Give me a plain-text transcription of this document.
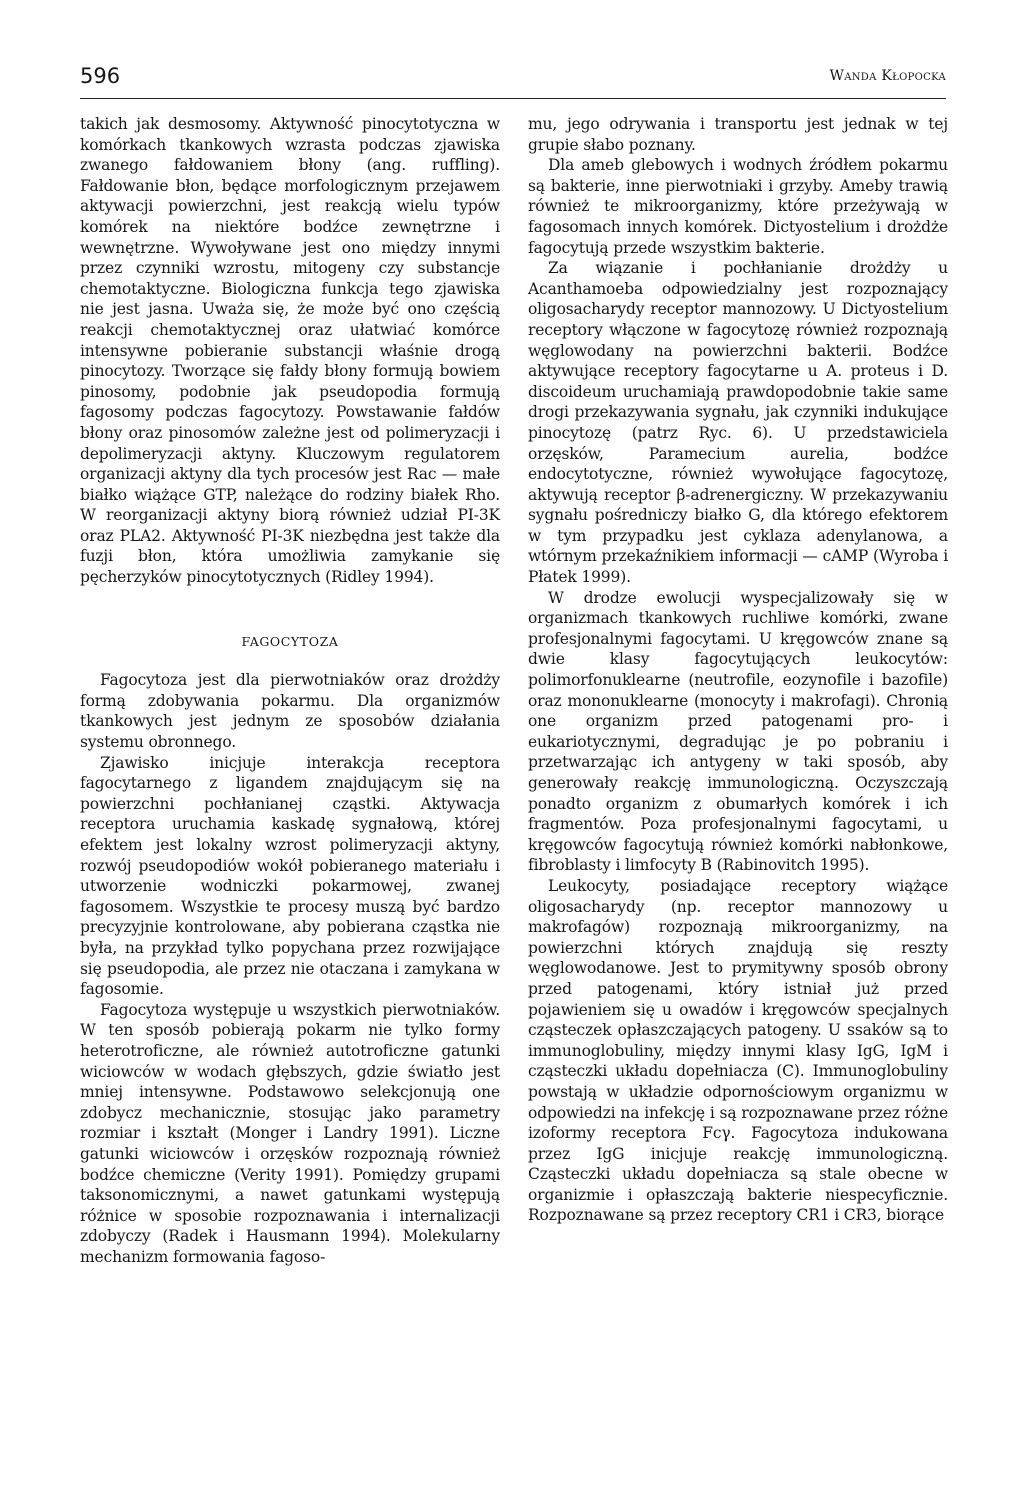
596	Wanda Kłopocka

takich jak desmosomy. Aktywność pinocytotyczna w komórkach tkankowych wzrasta podczas zjawiska zwanego fałdowaniem błony (ang. ruffling). Fałdowanie błon, będące morfologicznym przejawem aktywacji powierzchni, jest reakcją wielu typów komórek na niektóre bodźce zewnętrzne i wewnętrzne. Wywoływane jest ono między innymi przez czynniki wzrostu, mitogeny czy substancje chemotaktyczne. Biologiczna funkcja tego zjawiska nie jest jasna. Uważa się, że może być ono częścią reakcji chemotaktycznej oraz ułatwiać komórce intensywne pobieranie substancji właśnie drogą pinocytozy. Tworzące się fałdy błony formują bowiem pinosomy, podobnie jak pseudopodia formują fagosomy podczas fagocytozy. Powstawanie fałdów błony oraz pinosomów zależne jest od polimeryzacji i depolimeryzacji aktyny. Kluczowym regulatorem organizacji aktyny dla tych procesów jest Rac — małe białko wiążące GTP, należące do rodziny białek Rho. W reorganizacji aktyny biorą również udział PI-3K oraz PLA2. Aktywność PI-3K niezbędna jest także dla fuzji błon, która umożliwia zamykanie się pęcherzyków pinocytotycznych (Ridley 1994).

FAGOCYTOZA

Fagocytoza jest dla pierwotniaków oraz drożdży formą zdobywania pokarmu. Dla organizmów tkankowych jest jednym ze sposobów działania systemu obronnego.

Zjawisko inicjuje interakcja receptora fagocytarnego z ligandem znajdującym się na powierzchni pochłanianej cząstki. Aktywacja receptora uruchamia kaskadę sygnałową, której efektem jest lokalny wzrost polimeryzacji aktyny, rozwój pseudopodiów wokół pobieranego materiału i utworzenie wodniczki pokarmowej, zwanej fagosomem. Wszystkie te procesy muszą być bardzo precyzyjnie kontrolowane, aby pobierana cząstka nie była, na przykład tylko popychana przez rozwijające się pseudopodia, ale przez nie otaczana i zamykana w fagosomie.

Fagocytoza występuje u wszystkich pierwotniaków. W ten sposób pobierają pokarm nie tylko formy heterotroficzne, ale również autotroficzne gatunki wiciowców w wodach głębszych, gdzie światło jest mniej intensywne. Podstawowo selekcjonują one zdobycz mechanicznie, stosując jako parametry rozmiar i kształt (Monger i Landry 1991). Liczne gatunki wiciowców i orzęsków rozpoznają również bodźce chemiczne (Verity 1991). Pomiędzy grupami taksonomicznymi, a nawet gatunkami występują różnice w sposobie rozpoznawania i internalizacji zdobyczy (Radek i Hausmann 1994). Molekularny mechanizm formowania fagoso-

mu, jego odrywania i transportu jest jednak w tej grupie słabo poznany.

Dla ameb glebowych i wodnych źródłem pokarmu są bakterie, inne pierwotniaki i grzyby. Ameby trawią również te mikroorganizmy, które przeżywają w fagosomach innych komórek. Dictyostelium i drożdże fagocytują przede wszystkim bakterie.

Za wiązanie i pochłanianie drożdży u Acanthamoeba odpowiedzialny jest rozpoznający oligosacharydy receptor mannozowy. U Dictyostelium receptory włączone w fagocytozę również rozpoznają węglowodany na powierzchni bakterii. Bodźce aktywujące receptory fagocytarne u A. proteus i D. discoideum uruchamiają prawdopodobnie takie same drogi przekazywania sygnału, jak czynniki indukujące pinocytozę (patrz Ryc. 6). U przedstawiciela orzęsków, Paramecium aurelia, bodźce endocytotyczne, również wywołujące fagocytozę, aktywują receptor β-adrenergiczny. W przekazywaniu sygnału pośredniczy białko G, dla którego efektorem w tym przypadku jest cyklaza adenylanowa, a wtórnym przekaźnikiem informacji — cAMP (Wyroba i Płatek 1999).

W drodze ewolucji wyspecjalizowały się w organizmach tkankowych ruchliwe komórki, zwane profesjonalnymi fagocytami. U kręgowców znane są dwie klasy fagocytujących leukocytów: polimorfonuklearne (neutrofile, eozynofile i bazofile) oraz mononuklearne (monocyty i makrofagi). Chronią one organizm przed patogenami pro- i eukariotycznymi, degradując je po pobraniu i przetwarzając ich antygeny w taki sposób, aby generowały reakcję immunologiczną. Oczyszczają ponadto organizm z obumarłych komórek i ich fragmentów. Poza profesjonalnymi fagocytami, u kręgowców fagocytują również komórki nabłonkowe, fibroblasty i limfocyty B (Rabinovitch 1995).

Leukocyty, posiadające receptory wiążące oligosacharydy (np. receptor mannozowy u makrofagów) rozpoznają mikroorganizmy, na powierzchni których znajdują się reszty węglowodanowe. Jest to prymitywny sposób obrony przed patogenami, który istniał już przed pojawieniem się u owadów i kręgowców specjalnych cząsteczek opłaszczających patogeny. U ssaków są to immunoglobuliny, między innymi klasy IgG, IgM i cząsteczki układu dopełniacza (C). Immunoglobuliny powstają w układzie odpornościowym organizmu w odpowiedzi na infekcję i są rozpoznawane przez różne izoformy receptora Fcγ. Fagocytoza indukowana przez IgG inicjuje reakcję immunologiczną. Cząsteczki układu dopełniacza są stale obecne w organizmie i opłaszczają bakterie niespecyficznie. Rozpoznawane są przez receptory CR1 i CR3, biorące
